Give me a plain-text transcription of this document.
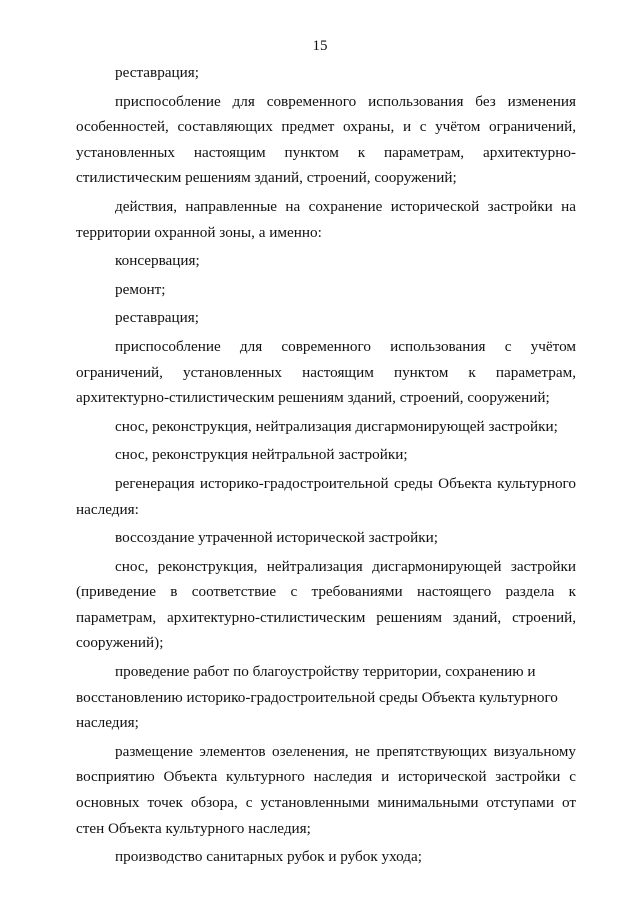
15

реставрация;

приспособление для современного использования без изменения особенностей, составляющих предмет охраны, и с учётом ограничений, установленных настоящим пунктом к параметрам, архитектурно-стилистическим решениям зданий, строений, сооружений;

действия, направленные на сохранение исторической застройки на территории охранной зоны, а именно:

консервация;

ремонт;

реставрация;

приспособление для современного использования с учётом ограничений, установленных настоящим пунктом к параметрам, архитектурно-стилистическим решениям зданий, строений, сооружений;

снос, реконструкция, нейтрализация дисгармонирующей застройки;

снос, реконструкция нейтральной застройки;

регенерация историко-градостроительной среды Объекта культурного наследия:

воссоздание утраченной исторической застройки;

снос, реконструкция, нейтрализация дисгармонирующей застройки (приведение в соответствие с требованиями настоящего раздела к параметрам, архитектурно-стилистическим решениям зданий, строений, сооружений);

проведение работ по благоустройству территории, сохранению и восстановлению историко-градостроительной среды Объекта культурного наследия;

размещение элементов озеленения, не препятствующих визуальному восприятию Объекта культурного наследия и исторической застройки с основных точек обзора, с установленными минимальными отступами от стен Объекта культурного наследия;

производство санитарных рубок и рубок ухода;
